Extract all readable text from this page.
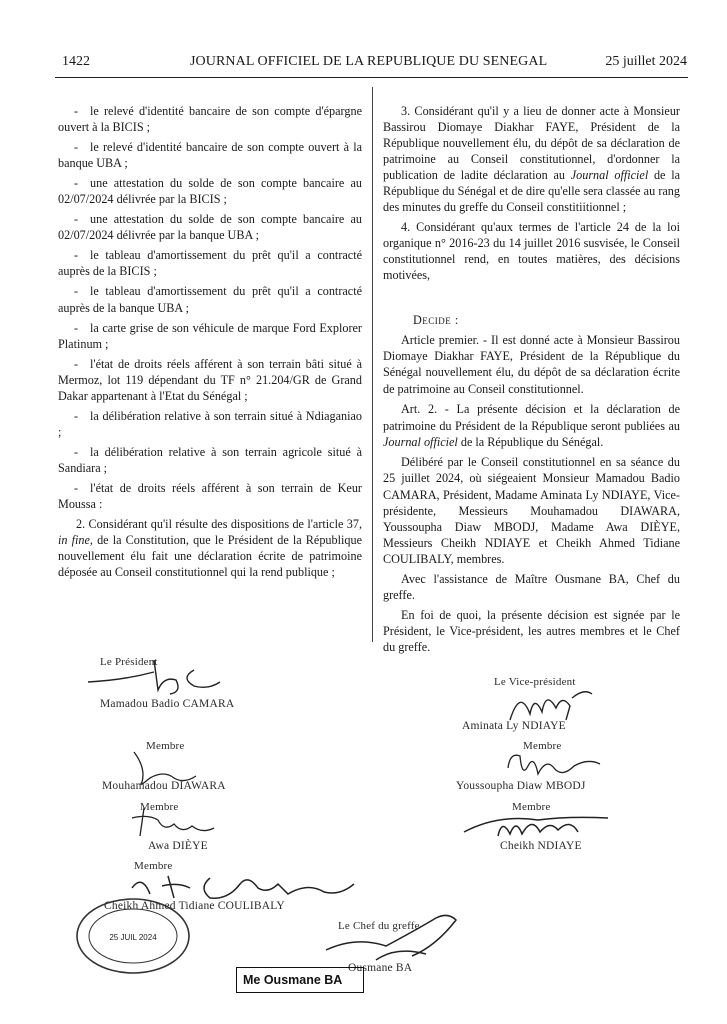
1422	JOURNAL OFFICIEL DE LA REPUBLIQUE DU SENEGAL	25 juillet 2024

- le relevé d'identité bancaire de son compte d'épargne ouvert à la BICIS ;

- le relevé d'identité bancaire de son compte ouvert à la banque UBA ;

- une attestation du solde de son compte bancaire au 02/07/2024 délivrée par la BICIS ;

- une attestation du solde de son compte bancaire au 02/07/2024 délivrée par la banque UBA ;

- le tableau d'amortissement du prêt qu'il a contracté auprès de la BICIS ;

- le tableau d'amortissement du prêt qu'il a contracté auprès de la banque UBA ;

- la carte grise de son véhicule de marque Ford Explorer Platinum ;

- l'état de droits réels afférent à son terrain bâti situé à Mermoz, lot 119 dépendant du TF n° 21.204/GR de Grand Dakar appartenant à l'Etat du Sénégal ;

- la délibération relative à son terrain situé à Ndiaganiao ;

- la délibération relative à son terrain agricole situé à Sandiara ;

- l'état de droits réels afférent à son terrain de Keur Moussa :

2. Considérant qu'il résulte des dispositions de l'article 37, in fine, de la Constitution, que le Président de la République nouvellement élu fait une déclaration écrite de patrimoine déposée au Conseil constitutionnel qui la rend publique ;

3. Considérant qu'il y a lieu de donner acte à Monsieur Bassirou Diomaye Diakhar FAYE, Président de la République nouvellement élu, du dépôt de sa déclaration de patrimoine au Conseil constitutionnel, d'ordonner la publication de ladite déclaration au Journal officiel de la République du Sénégal et de dire qu'elle sera classée au rang des minutes du greffe du Conseil constitiitionnel ;

4. Considérant qu'aux termes de l'article 24 de la loi organique n° 2016-23 du 14 juillet 2016 susvisée, le Conseil constitutionnel rend, en toutes matières, des décisions motivées,

Decide :

Article premier. - Il est donné acte à Monsieur Bassirou Diomaye Diakhar FAYE, Président de la République du Sénégal nouvellement élu, du dépôt de sa déclaration écrite de patrimoine au Conseil constitutionnel.

Art. 2. - La présente décision et la déclaration de patrimoine du Président de la République seront publiées au Journal officiel de la République du Sénégal.

Délibéré par le Conseil constitutionnel en sa séance du 25 juillet 2024, où siégeaient Monsieur Mamadou Badio CAMARA, Président, Madame Aminata Ly NDIAYE, Vice-présidente, Messieurs Mouhamadou DIAWARA, Youssoupha Diaw MBODJ, Madame Awa DIÈYE, Messieurs Cheikh NDIAYE et Cheikh Ahmed Tidiane COULIBALY, membres.

Avec l'assistance de Maître Ousmane BA, Chef du greffe.

En foi de quoi, la présente décision est signée par le Président, le Vice-président, les autres membres et le Chef du greffe.

Le Président
Mamadou Badio CAMARA
Le Vice-président
Aminata Ly NDIAYE
Membre
Mouhamadou DIAWARA
Membre
Youssoupha Diaw MBODJ
Membre
Awa DIÈYE
Membre
Cheikh NDIAYE
Membre
Cheikh Ahmed Tidiane COULIBALY
Le Chef du greffe
Ousmane BA
25 JUIL 2024
Me Ousmane BA
